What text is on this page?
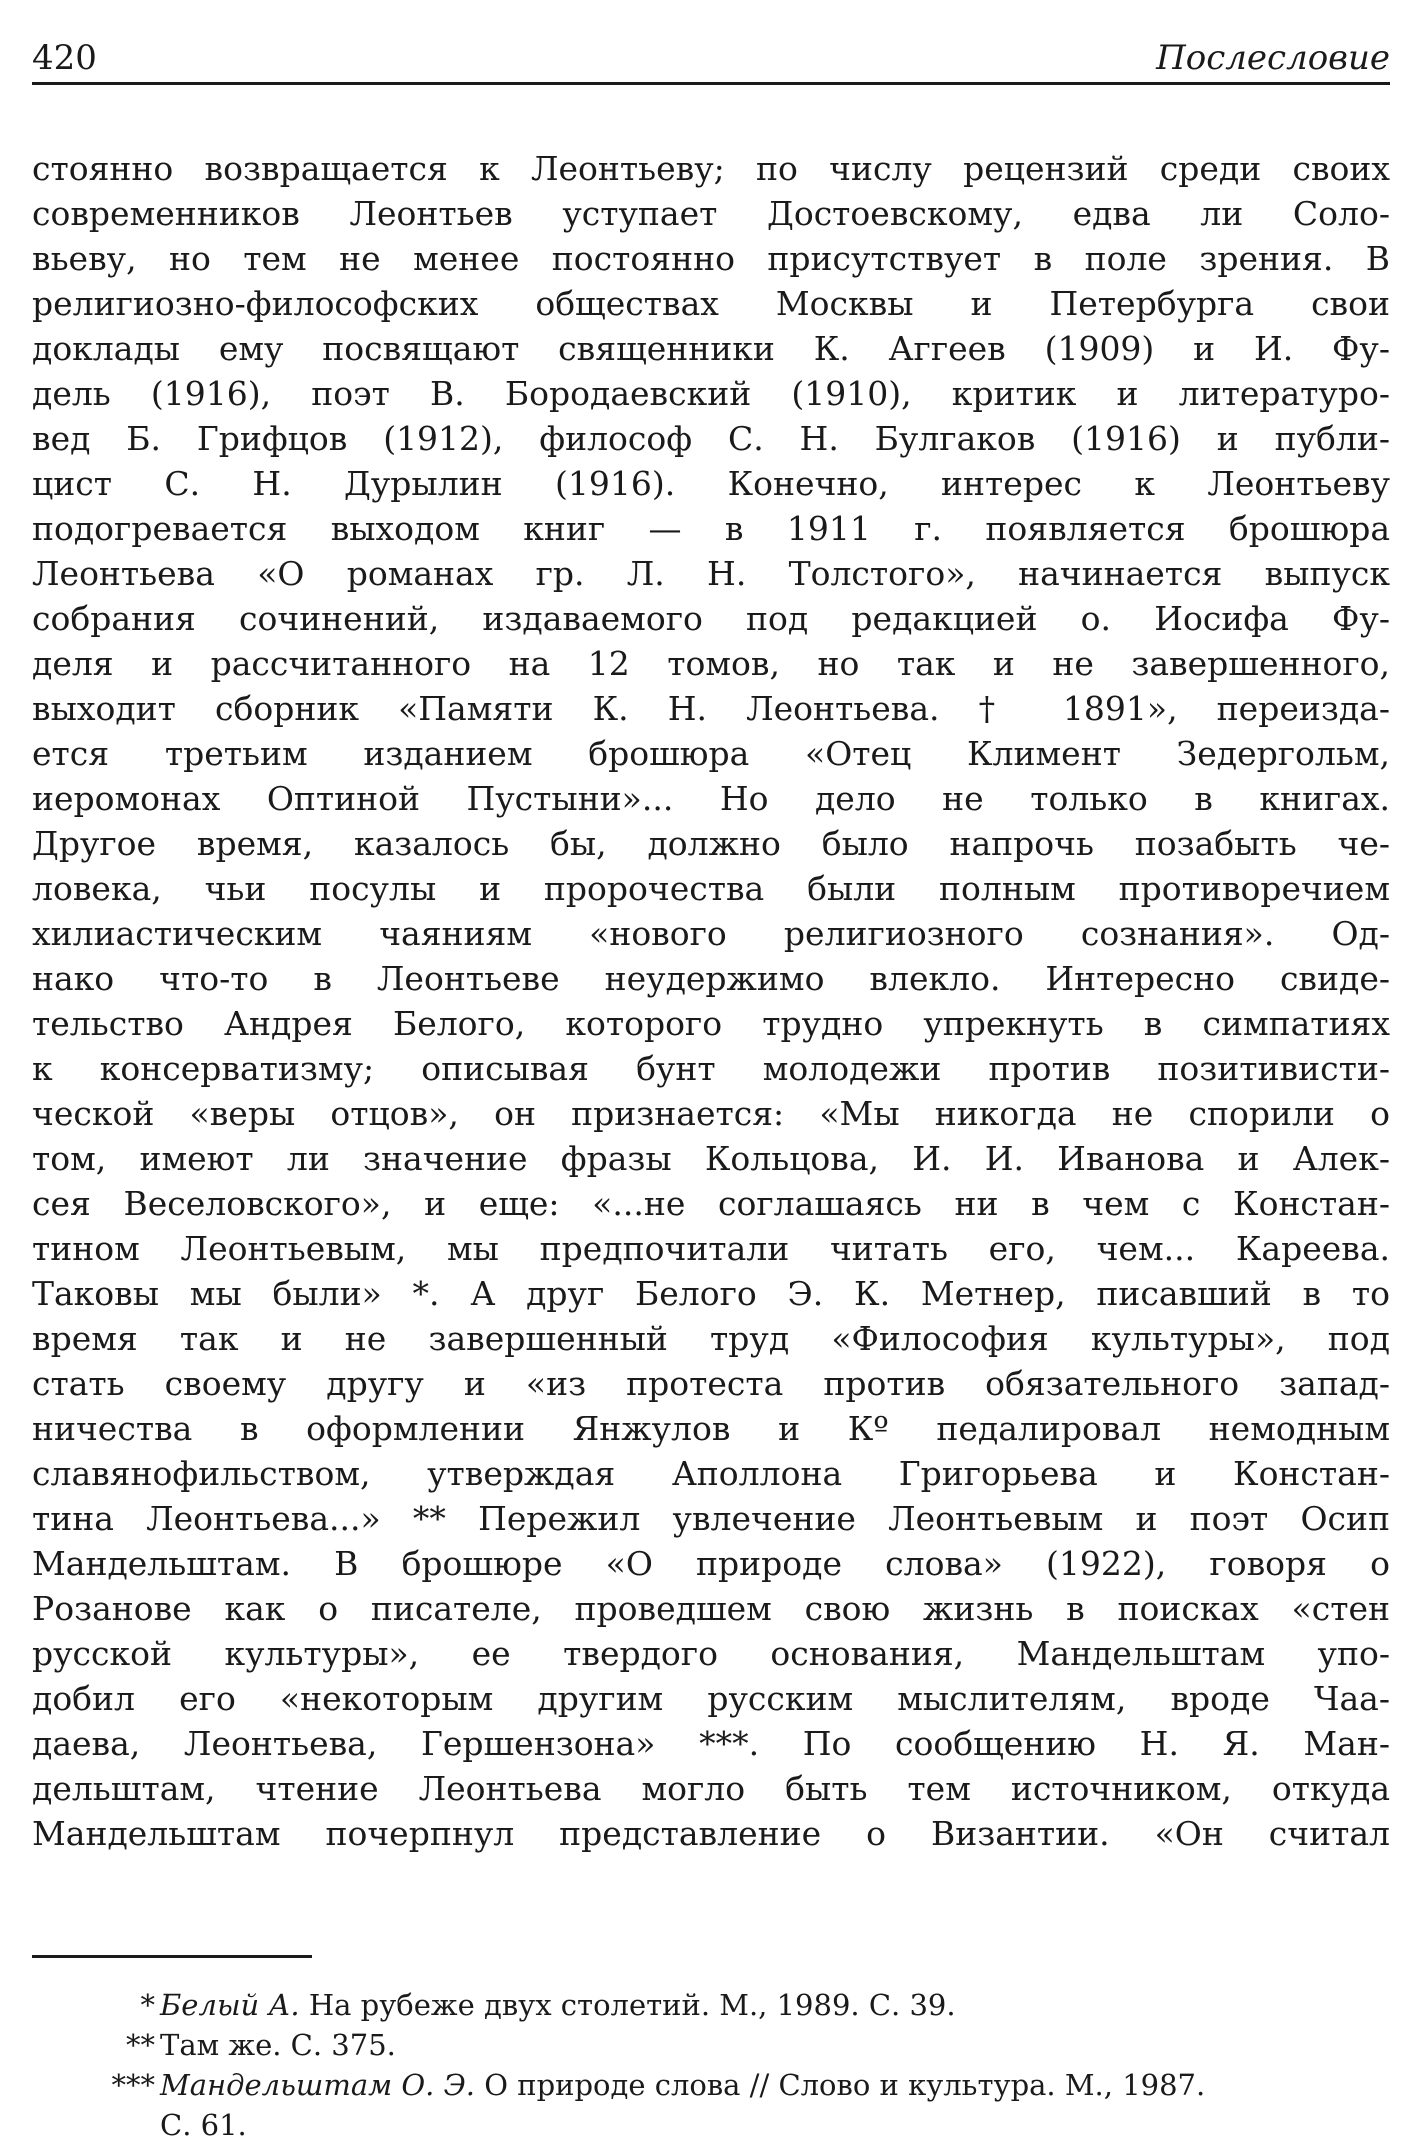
420	Послесловие
стоянно возвращается к Леонтьеву; по числу рецензий среди своих
современников Леонтьев уступает Достоевскому, едва ли Соло-
вьеву, но тем не менее постоянно присутствует в поле зрения. В
религиозно-философских обществах Москвы и Петербурга свои
доклады ему посвящают священники К. Аггеев (1909) и И. Фу-
дель (1916), поэт В. Бородаевский (1910), критик и литературо-
вед Б. Грифцов (1912), философ С. Н. Булгаков (1916) и публи-
цист С. Н. Дурылин (1916). Конечно, интерес к Леонтьеву
подогревается выходом книг — в 1911 г. появляется брошюра
Леонтьева «О романах гр. Л. Н. Толстого», начинается выпуск
собрания сочинений, издаваемого под редакцией о. Иосифа Фу-
деля и рассчитанного на 12 томов, но так и не завершенного,
выходит сборник «Памяти К. Н. Леонтьева. † 1891», переизда-
ется третьим изданием брошюра «Отец Климент Зедергольм,
иеромонах Оптиной Пустыни»... Но дело не только в книгах.
Другое время, казалось бы, должно было напрочь позабыть че-
ловека, чьи посулы и пророчества были полным противоречием
хилиастическим чаяниям «нового религиозного сознания». Од-
нако что-то в Леонтьеве неудержимо влекло. Интересно свиде-
тельство Андрея Белого, которого трудно упрекнуть в симпатиях
к консерватизму; описывая бунт молодежи против позитивисти-
ческой «веры отцов», он признается: «Мы никогда не спорили о
том, имеют ли значение фразы Кольцова, И. И. Иванова и Алек-
сея Веселовского», и еще: «...не соглашаясь ни в чем с Констан-
тином Леонтьевым, мы предпочитали читать его, чем... Кареева.
Таковы мы были» *. А друг Белого Э. К. Метнер, писавший в то
время так и не завершенный труд «Философия культуры», под
стать своему другу и «из протеста против обязательного запад-
ничества в оформлении Янжулов и Кº педалировал немодным
славянофильством, утверждая Аполлона Григорьева и Констан-
тина Леонтьева...» ** Пережил увлечение Леонтьевым и поэт Осип
Мандельштам. В брошюре «О природе слова» (1922), говоря о
Розанове как о писателе, проведшем свою жизнь в поисках «стен
русской культуры», ее твердого основания, Мандельштам упо-
добил его «некоторым другим русским мыслителям, вроде Чаа-
даева, Леонтьева, Гершензона» ***. По сообщению Н. Я. Ман-
дельштам, чтение Леонтьева могло быть тем источником, откуда
Мандельштам почерпнул представление о Византии. «Он считал
* Белый А. На рубеже двух столетий. М., 1989. С. 39.
** Там же. С. 375.
*** Мандельштам О. Э. О природе слова // Слово и культура. М., 1987.
С. 61.
